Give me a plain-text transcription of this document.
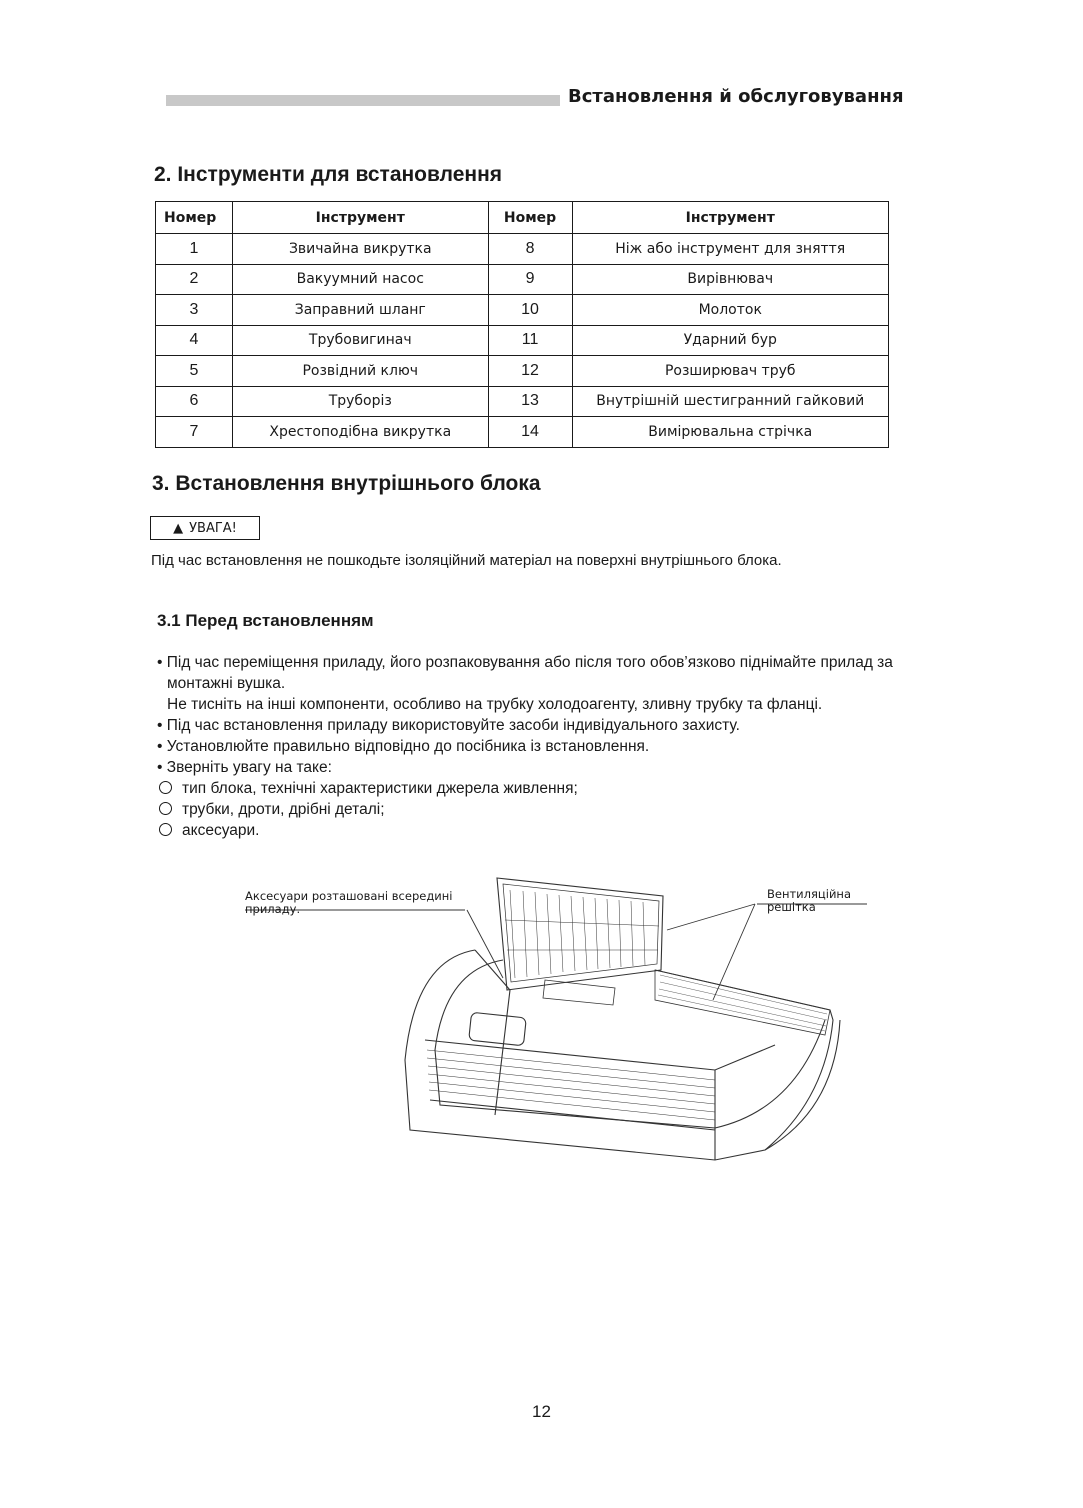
Встановлення й обслуговування
2. Інструменти для встановлення
Номер	Інструмент	Номер	Інструмент
1	Звичайна викрутка	8	Ніж або інструмент для зняття
2	Вакуумний насос	9	Вирівнювач
3	Заправний шланг	10	Молоток
4	Трубовигинач	11	Ударний бур
5	Розвідний ключ	12	Розширювач труб
6	Труборіз	13	Внутрішній шестигранний гайковий
7	Хрестоподібна викрутка	14	Вимірювальна стрічка
3. Встановлення внутрішнього блока
▲ УВАГА!
Під час встановлення не пошкодьте ізоляційний матеріал на поверхні внутрішнього блока.
3.1 Перед встановленням
• Під час переміщення приладу, його розпаковування або після того обов’язково піднімайте прилад за
монтажні вушка.
Не тисніть на інші компоненти, особливо на трубку холодоагенту, зливну трубку та фланці.
• Під час встановлення приладу використовуйте засоби індивідуального захисту.
• Установлюйте правильно відповідно до посібника із встановлення.
• Зверніть увагу на таке:
тип блока, технічні характеристики джерела живлення;
трубки, дроти, дрібні деталі;
аксесуари.
Аксесуари розташовані всередині приладу.
Вентиляційна решітка
12
